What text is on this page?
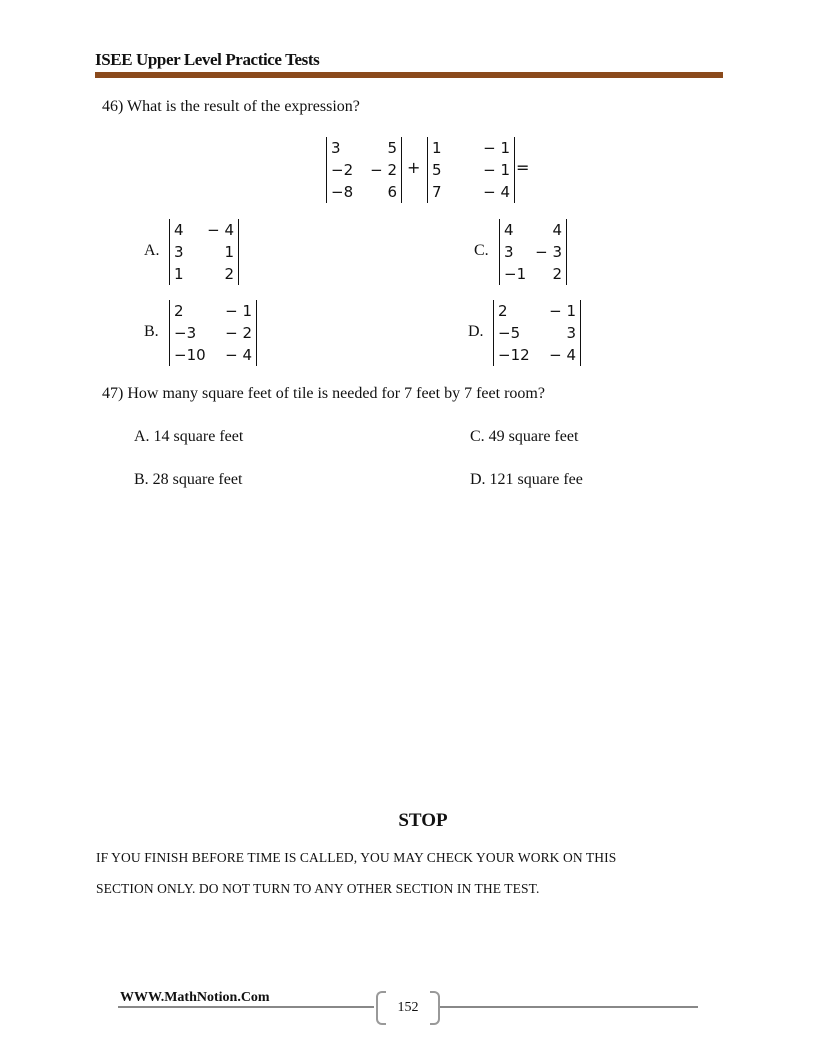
ISEE Upper Level Practice Tests
46) What is the result of the expression?
3	5
−2	− 2
−8	6
+
1	− 1
5	− 1
7	− 4
=
A.
4	− 4
3	1
1	2
C.
4	4
3	− 3
−1	2
B.
2	− 1
−3	− 2
−10	− 4
D.
2	− 1
−5	3
−12	− 4
47) How many square feet of tile is needed for 7 feet by 7 feet room?
A. 14 square feet	C. 49 square feet
B. 28 square feet	D. 121 square fee
STOP
IF YOU FINISH BEFORE TIME IS CALLED, YOU MAY CHECK YOUR WORK ON THIS
SECTION ONLY. DO NOT TURN TO ANY OTHER SECTION IN THE TEST.
WWW.MathNotion.Com
152
